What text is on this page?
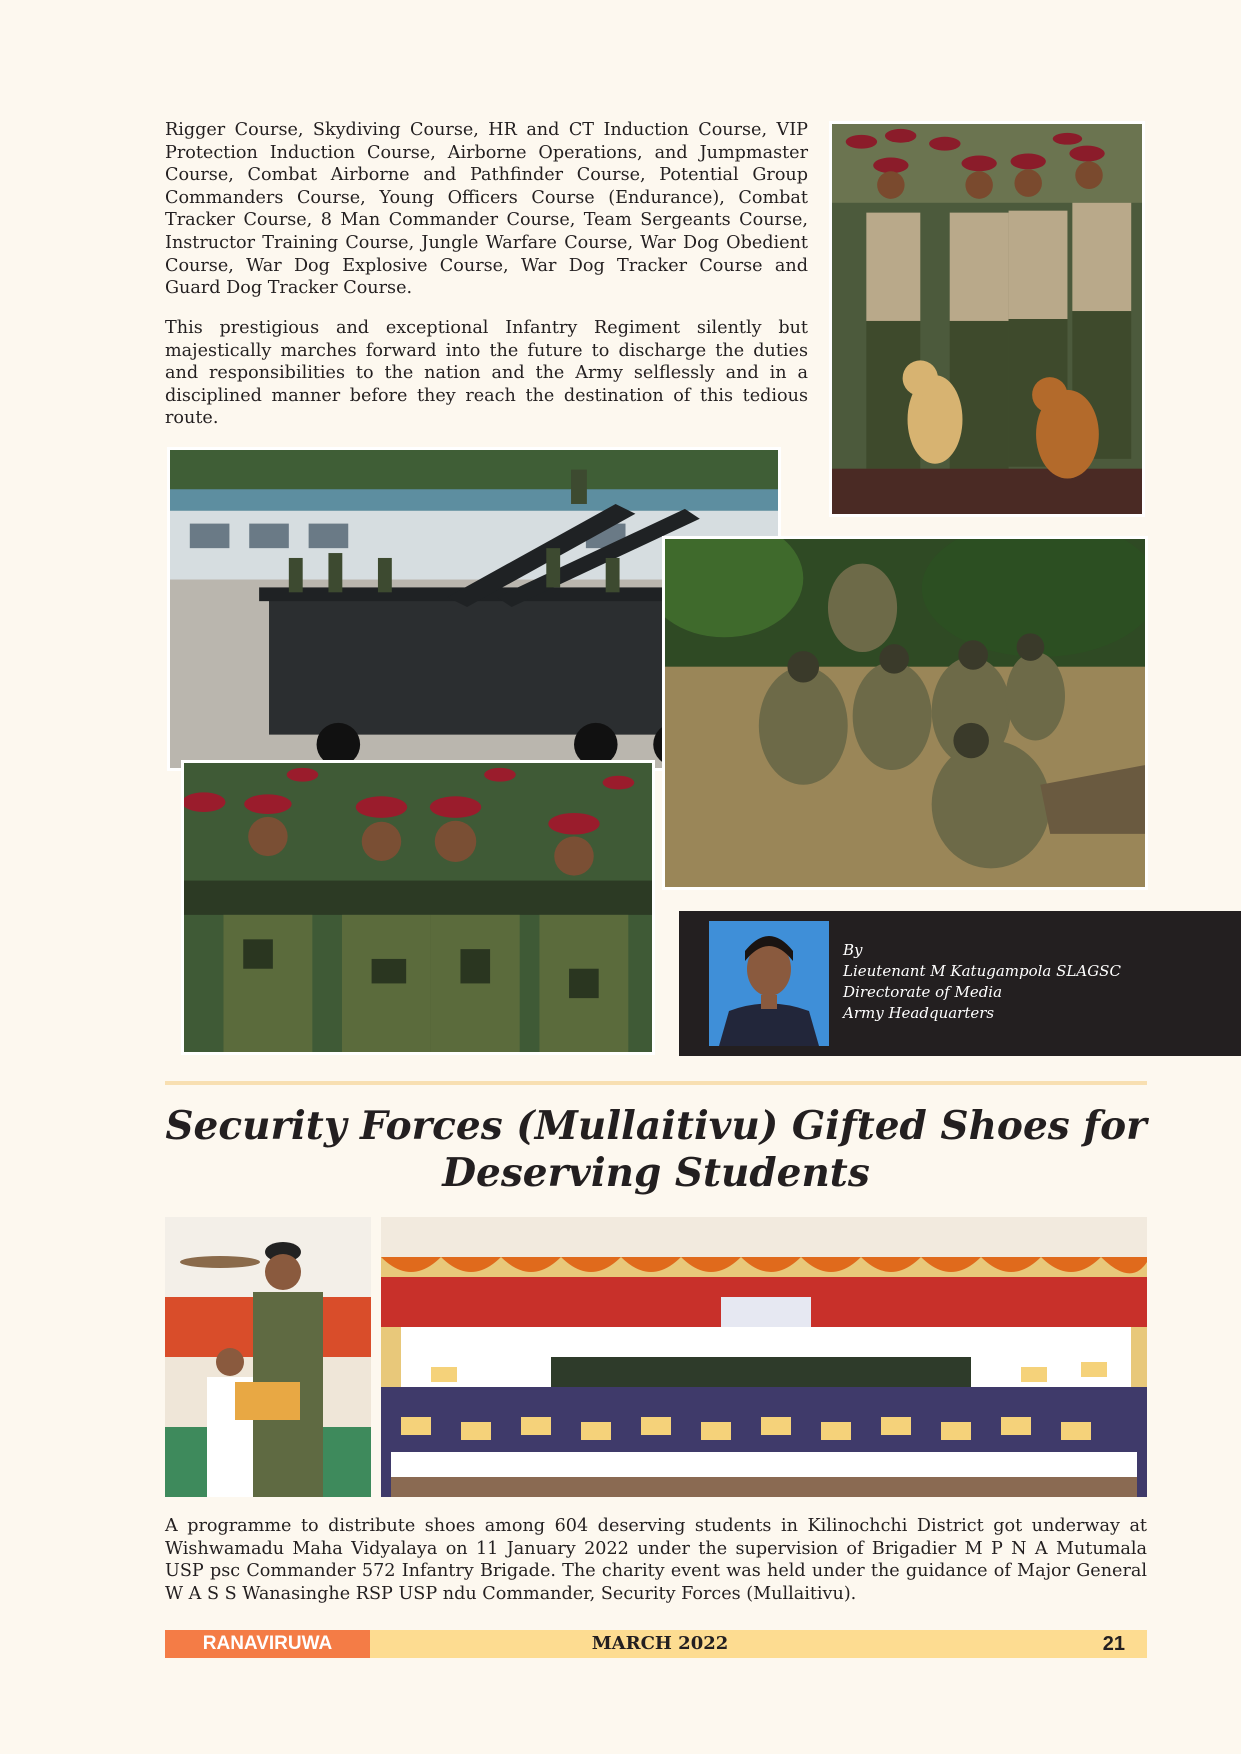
Rigger Course, Skydiving Course, HR and CT Induction Course, VIP Protection Induction Course, Airborne Operations, and Jumpmaster Course, Combat Airborne and Pathfinder Course, Potential Group Commanders Course, Young Officers Course (Endurance), Combat Tracker Course, 8 Man Commander Course, Team Sergeants Course, Instructor Training Course, Jungle Warfare Course, War Dog Obedient Course, War Dog Explosive Course, War Dog Tracker Course and Guard Dog Tracker Course.

This prestigious and exceptional Infantry Regiment silently but majestically marches forward into the future to discharge the duties and responsibilities to the nation and the Army selflessly and in a disciplined manner before they reach the destination of this tedious route.

By
Lieutenant M Katugampola SLAGSC
Directorate of Media
Army Headquarters
Security Forces (Mullaitivu) Gifted Shoes for
Deserving Students

A programme to distribute shoes among 604 deserving students in Kilinochchi District got underway at Wishwamadu Maha Vidyalaya on 11 January 2022 under the supervision of Brigadier M P N A Mutumala USP psc Commander 572 Infantry Brigade. The charity event was held under the guidance of Major General W A S S Wanasinghe RSP USP ndu Commander, Security Forces (Mullaitivu).

RANAVIRUWA	MARCH 2022	21
